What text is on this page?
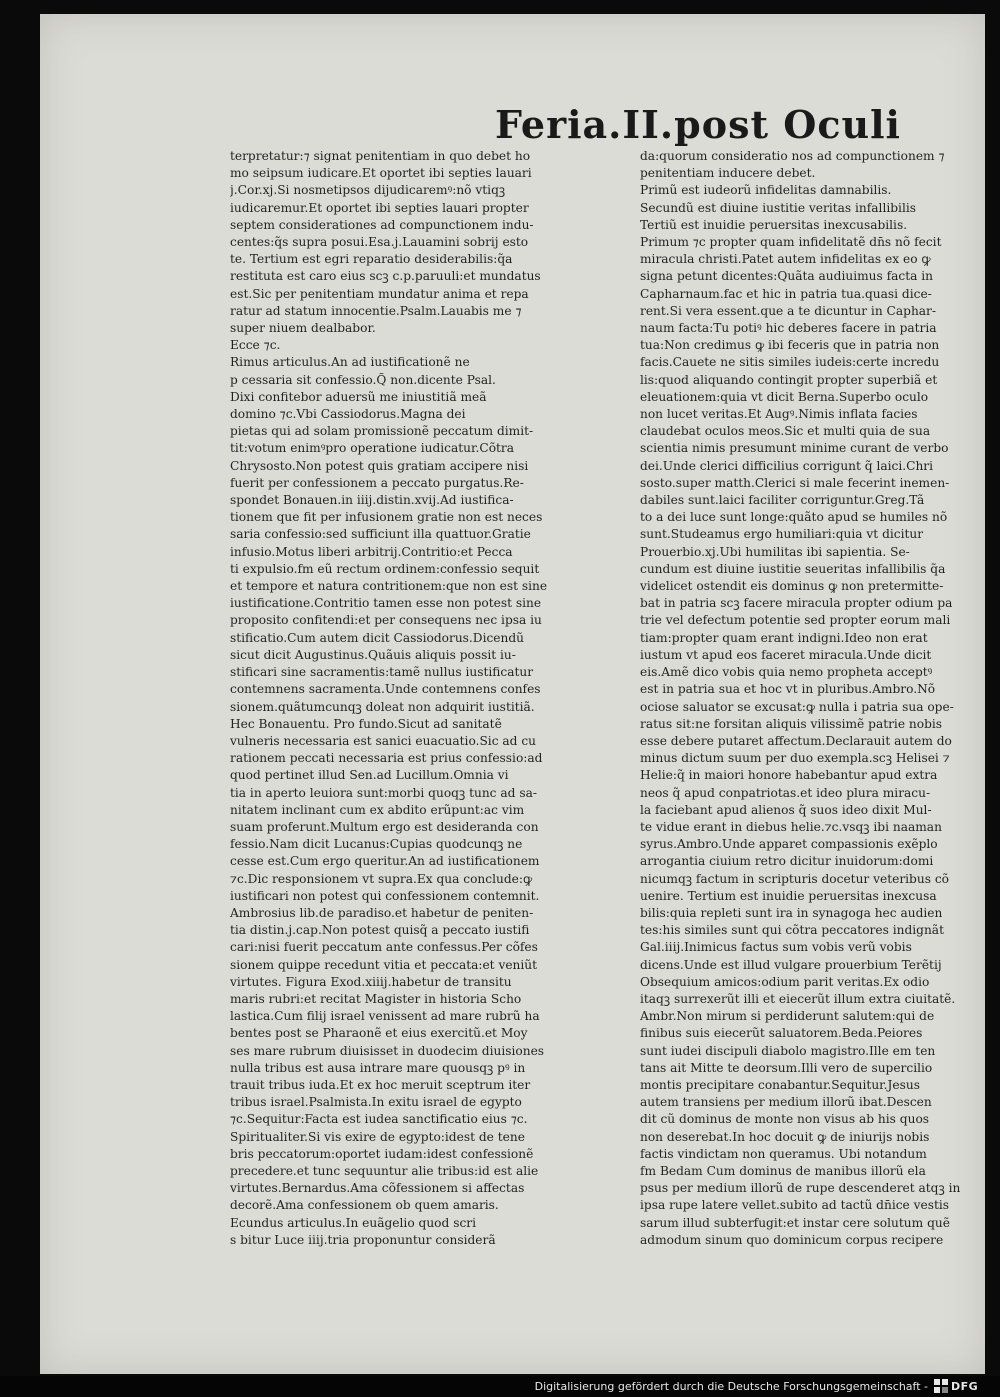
Feria.II.post Oculi

terpretatur:⁊ signat penitentiam in quo debet ho

mo seipsum iudicare.Et oportet ibi septies lauari

j.Cor.xj.Si nosmetipsos dijudicaremꝰ:nõ vtiqꝫ

iudicaremur.Et oportet ibi septies lauari propter

septem considerationes ad compunctionem indu-

centes:q̃s supra posui.Esa.j.Lauamini sobrij esto

te. Tertium est egri reparatio desiderabilis:q̃a

restituta est caro eius scꝫ c.p.paruuli:et mundatus

est.Sic per penitentiam mundatur anima et repa

ratur ad statum innocentie.Psalm.Lauabis me ⁊

super niuem dealbabor.

Ecce ⁊c.

Rimus articulus.An ad iustificationẽ ne

p cessaria sit confessio.Q̃ non.dicente Psal.

Dixi confitebor aduersũ me iniustitiã meã

domino ⁊c.Vbi Cassiodorus.Magna dei

pietas qui ad solam promissionẽ peccatum dimit-

tit:votum enimꝰpro operatione iudicatur.Cõtra

Chrysosto.Non potest quis gratiam accipere nisi

fuerit per confessionem a peccato purgatus.Re-

spondet Bonauen.in iiij.distin.xvij.Ad iustifica-

tionem que fit per infusionem gratie non est neces

saria confessio:sed sufficiunt illa quattuor.Gratie

infusio.Motus liberi arbitrij.Contritio:et Pecca

ti expulsio.fm eũ rectum ordinem:confessio sequit

et tempore et natura contritionem:que non est sine

iustificatione.Contritio tamen esse non potest sine

proposito confitendi:et per consequens nec ipsa iu

stificatio.Cum autem dicit Cassiodorus.Dicendũ

sicut dicit Augustinus.Quãuis aliquis possit iu-

stificari sine sacramentis:tamẽ nullus iustificatur

contemnens sacramenta.Unde contemnens confes

sionem.quãtumcunqꝫ doleat non adquirit iustitiã.

Hec Bonauentu. Pro fundo.Sicut ad sanitatẽ

vulneris necessaria est sanici euacuatio.Sic ad cu

rationem peccati necessaria est prius confessio:ad

quod pertinet illud Sen.ad Lucillum.Omnia vi

tia in aperto leuiora sunt:morbi quoqꝫ tunc ad sa-

nitatem inclinant cum ex abdito erũpunt:ac vim

suam proferunt.Multum ergo est desideranda con

fessio.Nam dicit Lucanus:Cupias quodcunqꝫ ne

cesse est.Cum ergo queritur.An ad iustificationem

⁊c.Dic responsionem vt supra.Ex qua conclude:ꝙ

iustificari non potest qui confessionem contemnit.

Ambrosius lib.de paradiso.et habetur de peniten-

tia distin.j.cap.Non potest quisq̃ a peccato iustifi

cari:nisi fuerit peccatum ante confessus.Per cõfes

sionem quippe recedunt vitia et peccata:et veniũt

virtutes. Figura Exod.xiiij.habetur de transitu

maris rubri:et recitat Magister in historia Scho

lastica.Cum filij israel venissent ad mare rubrũ ha

bentes post se Pharaonẽ et eius exercitũ.et Moy

ses mare rubrum diuisisset in duodecim diuisiones

nulla tribus est ausa intrare mare quousqꝫ pꝰ in

trauit tribus iuda.Et ex hoc meruit sceptrum iter

tribus israel.Psalmista.In exitu israel de egypto

⁊c.Sequitur:Facta est iudea sanctificatio eius ⁊c.

Spiritualiter.Si vis exire de egypto:idest de tene

bris peccatorum:oportet iudam:idest confessionẽ

precedere.et tunc sequuntur alie tribus:id est alie

virtutes.Bernardus.Ama cõfessionem si affectas

decorẽ.Ama confessionem ob quem amaris.

Ecundus articulus.In euãgelio quod scri

s bitur Luce iiij.tria proponuntur considerã

da:quorum consideratio nos ad compunctionem ⁊

penitentiam inducere debet.

Primũ est iudeorũ infidelitas damnabilis.

Secundũ est diuine iustitie veritas infallibilis

Tertiũ est inuidie peruersitas inexcusabilis.

Primum ⁊c propter quam infidelitatẽ dn̄s nõ fecit

miracula christi.Patet autem infidelitas ex eo ꝙ

signa petunt dicentes:Quãta audiuimus facta in

Capharnaum.fac et hic in patria tua.quasi dice-

rent.Si vera essent.que a te dicuntur in Caphar-

naum facta:Tu potiꝰ hic deberes facere in patria

tua:Non credimus ꝙ ibi feceris que in patria non

facis.Cauete ne sitis similes iudeis:certe incredu

lis:quod aliquando contingit propter superbiã et

eleuationem:quia vt dicit Berna.Superbo oculo

non lucet veritas.Et Augꝰ.Nimis inflata facies

claudebat oculos meos.Sic et multi quia de sua

scientia nimis presumunt minime curant de verbo

dei.Unde clerici difficilius corrigunt q̃ laici.Chri

sosto.super matth.Clerici si male fecerint inemen-

dabiles sunt.laici faciliter corriguntur.Greg.Tã

to a dei luce sunt longe:quãto apud se humiles nõ

sunt.Studeamus ergo humiliari:quia vt dicitur

Prouerbio.xj.Ubi humilitas ibi sapientia. Se-

cundum est diuine iustitie seueritas infallibilis q̃a

videlicet ostendit eis dominus ꝙ non pretermitte-

bat in patria scꝫ facere miracula propter odium pa

trie vel defectum potentie sed propter eorum mali

tiam:propter quam erant indigni.Ideo non erat

iustum vt apud eos faceret miracula.Unde dicit

eis.Amẽ dico vobis quia nemo propheta acceptꝰ

est in patria sua et hoc vt in pluribus.Ambro.Nõ

ociose saluator se excusat:ꝙ nulla i patria sua ope-

ratus sit:ne forsitan aliquis vilissimẽ patrie nobis

esse debere putaret affectum.Declarauit autem do

minus dictum suum per duo exempla.scꝫ Helisei ⁊

Helie:q̃ in maiori honore habebantur apud extra

neos q̃ apud conpatriotas.et ideo plura miracu-

la faciebant apud alienos q̃ suos ideo dixit Mul-

te vidue erant in diebus helie.⁊c.vsqꝫ ibi naaman

syrus.Ambro.Unde apparet compassionis exẽplo

arrogantia ciuium retro dicitur inuidorum:domi

nicumqꝫ factum in scripturis docetur veteribus cõ

uenire. Tertium est inuidie peruersitas inexcusa

bilis:quia repleti sunt ira in synagoga hec audien

tes:his similes sunt qui cõtra peccatores indignãt

Gal.iiij.Inimicus factus sum vobis verũ vobis

dicens.Unde est illud vulgare prouerbium Terẽtij

Obsequium amicos:odium parit veritas.Ex odio

itaqꝫ surrexerũt illi et eiecerũt illum extra ciuitatẽ.

Ambr.Non mirum si perdiderunt salutem:qui de

finibus suis eiecerũt saluatorem.Beda.Peiores

sunt iudei discipuli diabolo magistro.Ille em ten

tans ait Mitte te deorsum.Illi vero de supercilio

montis precipitare conabantur.Sequitur.Jesus

autem transiens per medium illorũ ibat.Descen

dit cũ dominus de monte non visus ab his quos

non deserebat.In hoc docuit ꝙ de iniurijs nobis

factis vindictam non queramus. Ubi notandum

fm Bedam Cum dominus de manibus illorũ ela

psus per medium illorũ de rupe descenderet atqꝫ in

ipsa rupe latere vellet.subito ad tactũ dn̄ice vestis

sarum illud subterfugit:et instar cere solutum quẽ

admodum sinum quo dominicum corpus recipere

Digitalisierung gefördert durch die Deutsche Forschungsgemeinschaft - DFG
